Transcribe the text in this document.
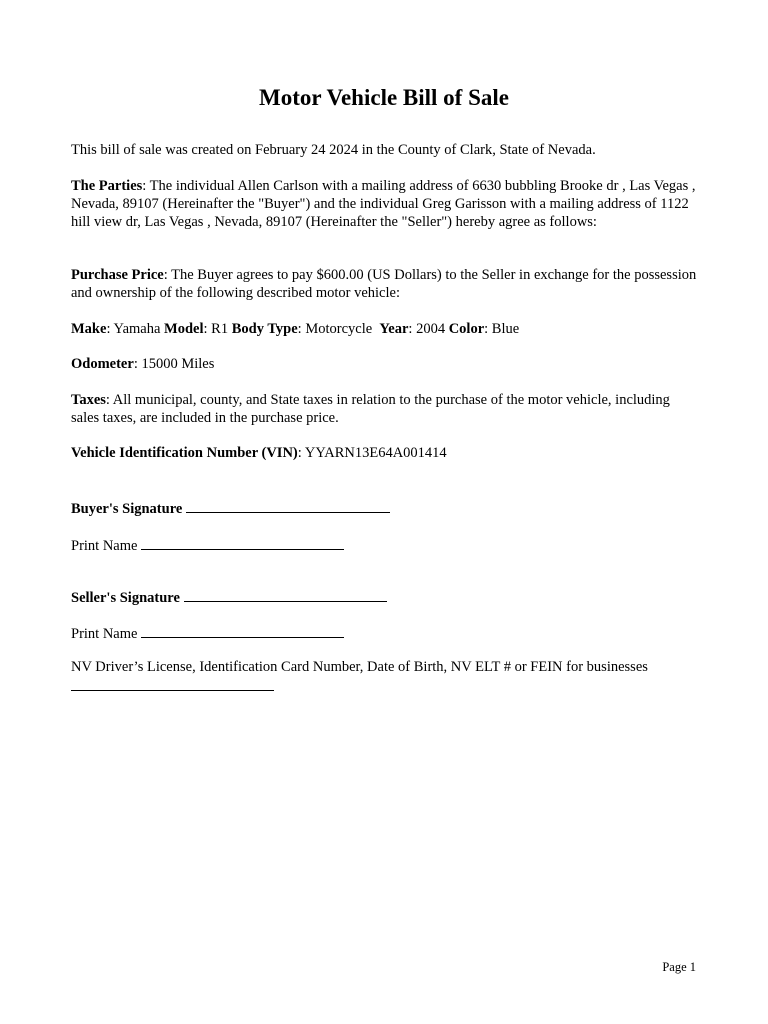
Motor Vehicle Bill of Sale

This bill of sale was created on February 24 2024 in the County of Clark, State of Nevada.

The Parties: The individual Allen Carlson with a mailing address of 6630 bubbling Brooke dr , Las Vegas , Nevada, 89107 (Hereinafter the "Buyer") and the individual Greg Garisson with a mailing address of 1122 hill view dr, Las Vegas , Nevada, 89107 (Hereinafter the "Seller") hereby agree as follows:

Purchase Price: The Buyer agrees to pay $600.00 (US Dollars) to the Seller in exchange for the possession and ownership of the following described motor vehicle:

Make: Yamaha Model: R1 Body Type: Motorcycle  Year: 2004 Color: Blue

Odometer: 15000 Miles

Taxes: All municipal, county, and State taxes in relation to the purchase of the motor vehicle, including sales taxes, are included in the purchase price.

Vehicle Identification Number (VIN): YYARN13E64A001414

Buyer's Signature

Print Name

Seller's Signature

Print Name

NV Driver’s License, Identification Card Number, Date of Birth, NV ELT # or FEIN for businesses

Page 1
